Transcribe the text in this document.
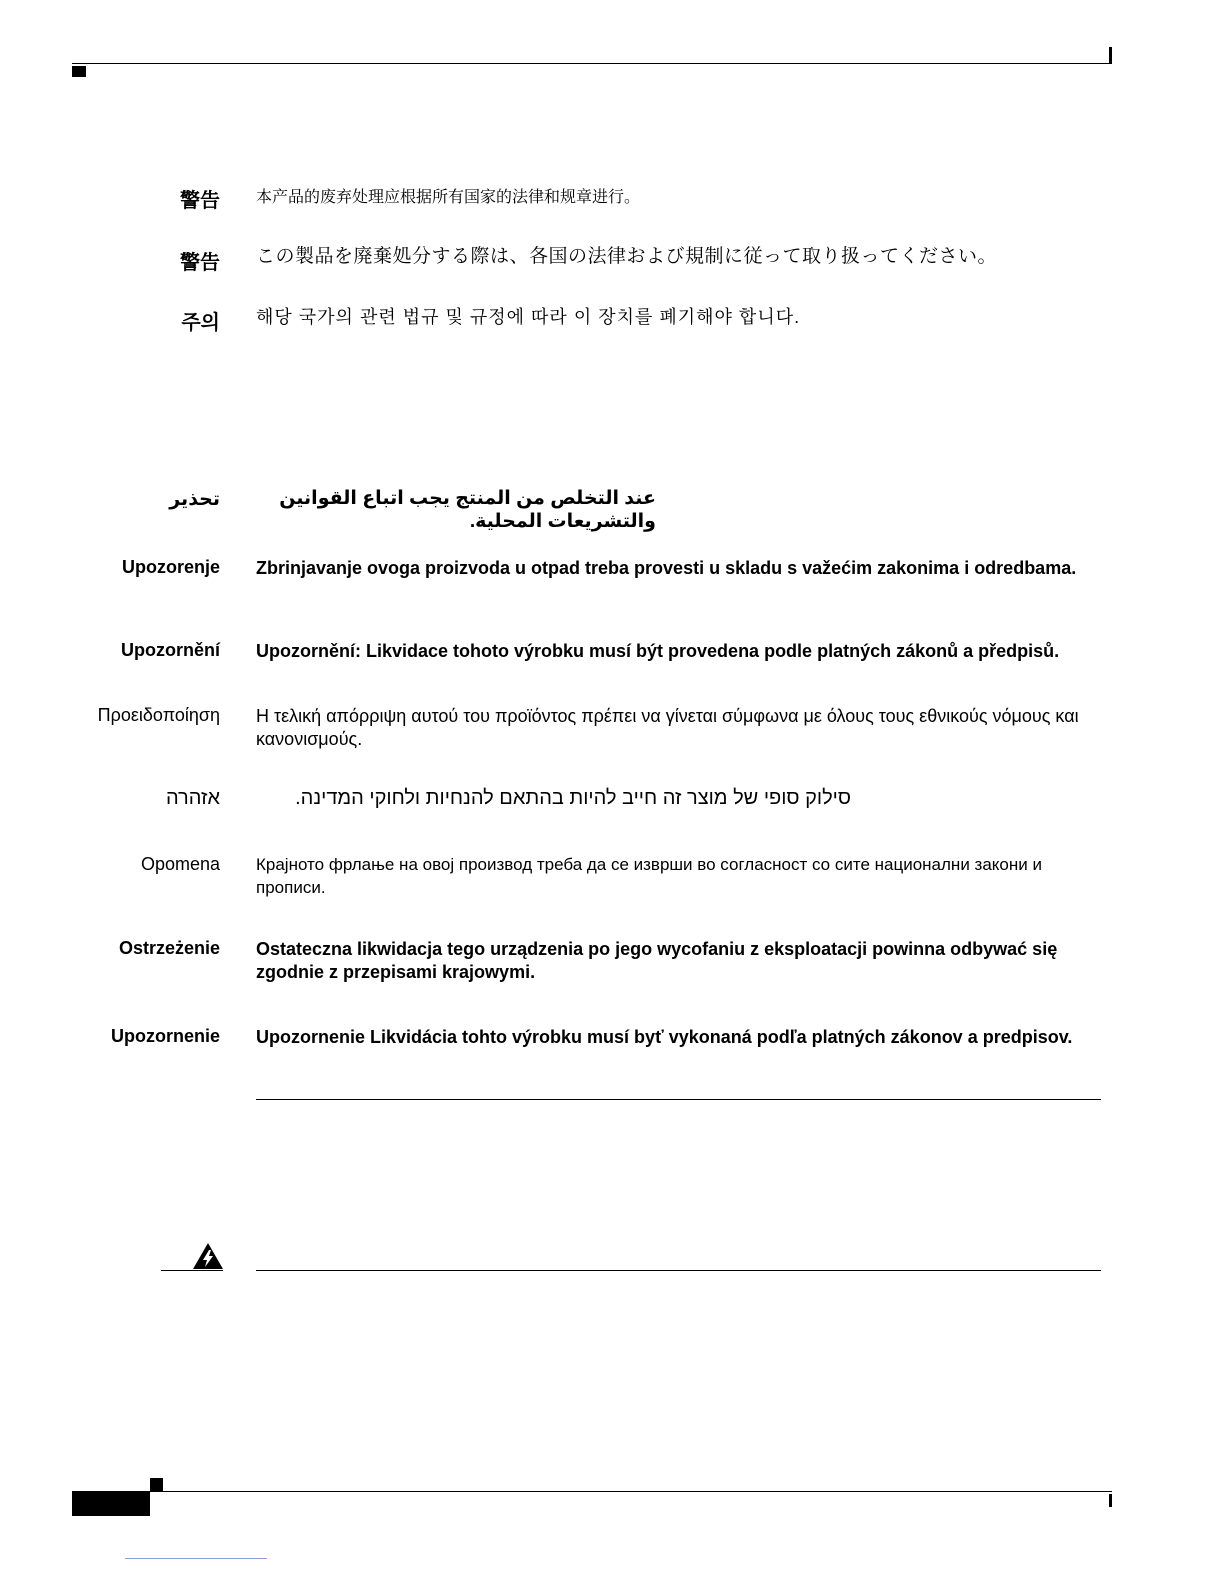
警告 本产品的废弃处理应根据所有国家的法律和规章进行。
警告 この製品を廃棄処分する際は、各国の法律および規制に従って取り扱ってください。
주의 해당 국가의 관련 법규 및 규정에 따라 이 장치를 폐기해야 합니다.
تحذير	عند التخلص من المنتج يجب اتباع القوانين والتشريعات المحلية.
Upozorenje Zbrinjavanje ovoga proizvoda u otpad treba provesti u skladu s važećim zakonima i odredbama.
Upozornění Upozornění: Likvidace tohoto výrobku musí být provedena podle platných zákonů a předpisů.
Προειδοποίηση Η τελική απόρριψη αυτού του προϊόντος πρέπει να γίνεται σύμφωνα με όλους τους εθνικούς νόμους και κανονισμούς.
אזהרה	סילוק סופי של מוצר זה חייב להיות בהתאם להנחיות ולחוקי המדינה.
Opomena Крајното фрлање на овој производ треба да се изврши во согласност со сите национални закони и прописи.
Ostrzeżenie Ostateczna likwidacja tego urządzenia po jego wycofaniu z eksploatacji powinna odbywać się zgodnie z przepisami krajowymi.
Upozornenie Upozornenie Likvidácia tohto výrobku musí byť vykonaná podľa platných zákonov a predpisov.
